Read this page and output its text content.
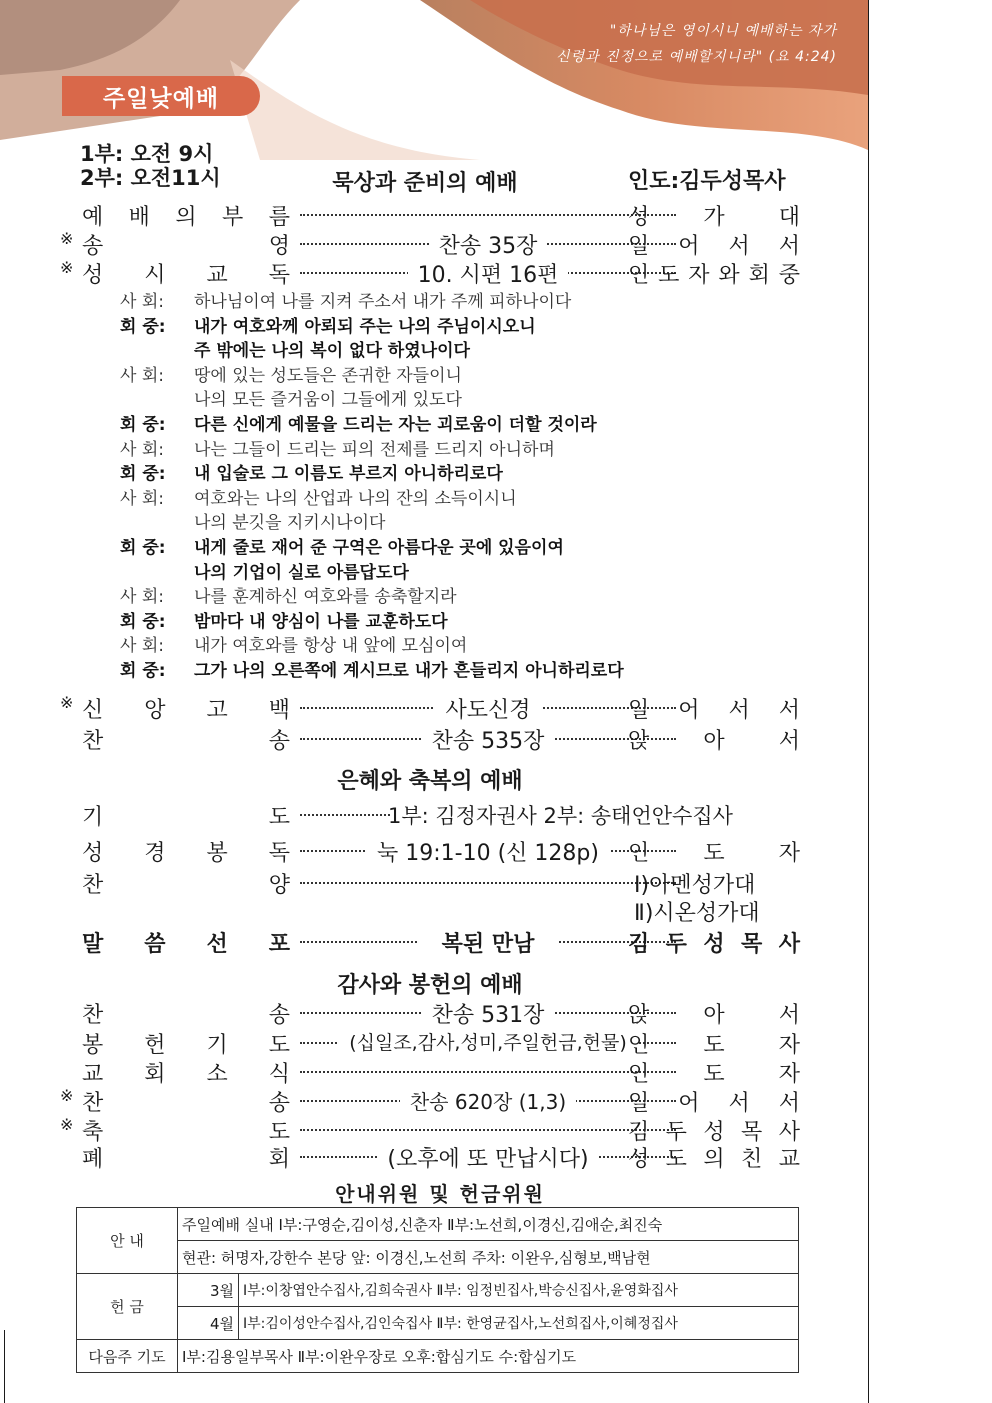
주일낮예배
"하나님은 영이시니 예배하는 자가
신령과 진정으로 예배할지니라" (요 4:24)
1부: 오전 9시
2부: 오전11시	인도:김두성목사
묵상과 준비의 예배
예 배 의 부 름	성 가 대
※ 송	영	찬송 35장	일 어 서 서
※ 성 시 교 독	10. 시편 16편	인 도 자 와 회 중
사 회: 하나님이여 나를 지켜 주소서 내가 주께 피하나이다
회 중: 내가 여호와께 아뢰되 주는 나의 주님이시오니
주 밖에는 나의 복이 없다 하였나이다
사 회: 땅에 있는 성도들은 존귀한 자들이니
나의 모든 즐거움이 그들에게 있도다
회 중: 다른 신에게 예물을 드리는 자는 괴로움이 더할 것이라
사 회: 나는 그들이 드리는 피의 전제를 드리지 아니하며
회 중: 내 입술로 그 이름도 부르지 아니하리로다
사 회: 여호와는 나의 산업과 나의 잔의 소득이시니
나의 분깃을 지키시나이다
회 중: 내게 줄로 재어 준 구역은 아름다운 곳에 있음이여
나의 기업이 실로 아름답도다
사 회: 나를 훈계하신 여호와를 송축할지라
회 중: 밤마다 내 양심이 나를 교훈하도다
사 회: 내가 여호와를 항상 내 앞에 모심이여
회 중: 그가 나의 오른쪽에 계시므로 내가 흔들리지 아니하리로다
※ 신 앙 고 백	사도신경	일 어 서 서
찬	송	찬송 535장	앉 아 서
은혜와 축복의 예배
기	도	1부: 김정자권사 2부: 송태언안수집사
성 경 봉 독	눅 19:1-10 (신 128p)	인 도 자
찬	양	Ⅰ)아멘성가대
Ⅱ)시온성가대
말 씀 선 포	복된 만남	김 두 성 목 사
감사와 봉헌의 예배
찬	송	찬송 531장	앉 아 서
봉 헌 기 도	(십일조,감사,성미,주일헌금,헌물) 인 도 자
교 회 소 식	인 도 자
※ 찬	송	찬송 620장 (1,3)	일 어 서 서
※ 축	도	김 두 성 목 사
폐	회	(오후에 또 만납시다)	성 도 의 친 교
안내위원 및 헌금위원
안 내	주일예배 실내 Ⅰ부:구영순,김이성,신춘자 Ⅱ부:노선희,이경신,김애순,최진숙	
	현관: 허명자,강한수 본당 앞: 이경신,노선희 주차: 이완우,심형보,백남현	
헌 금	3월	Ⅰ부:이창엽안수집사,김희숙권사 Ⅱ부: 임정빈집사,박승신집사,윤영화집사
	4월	Ⅰ부:김이성안수집사,김인숙집사 Ⅱ부: 한영균집사,노선희집사,이혜정집사
다음주 기도	Ⅰ부:김용일부목사 Ⅱ부:이완우장로 오후:합심기도 수:합심기도	
